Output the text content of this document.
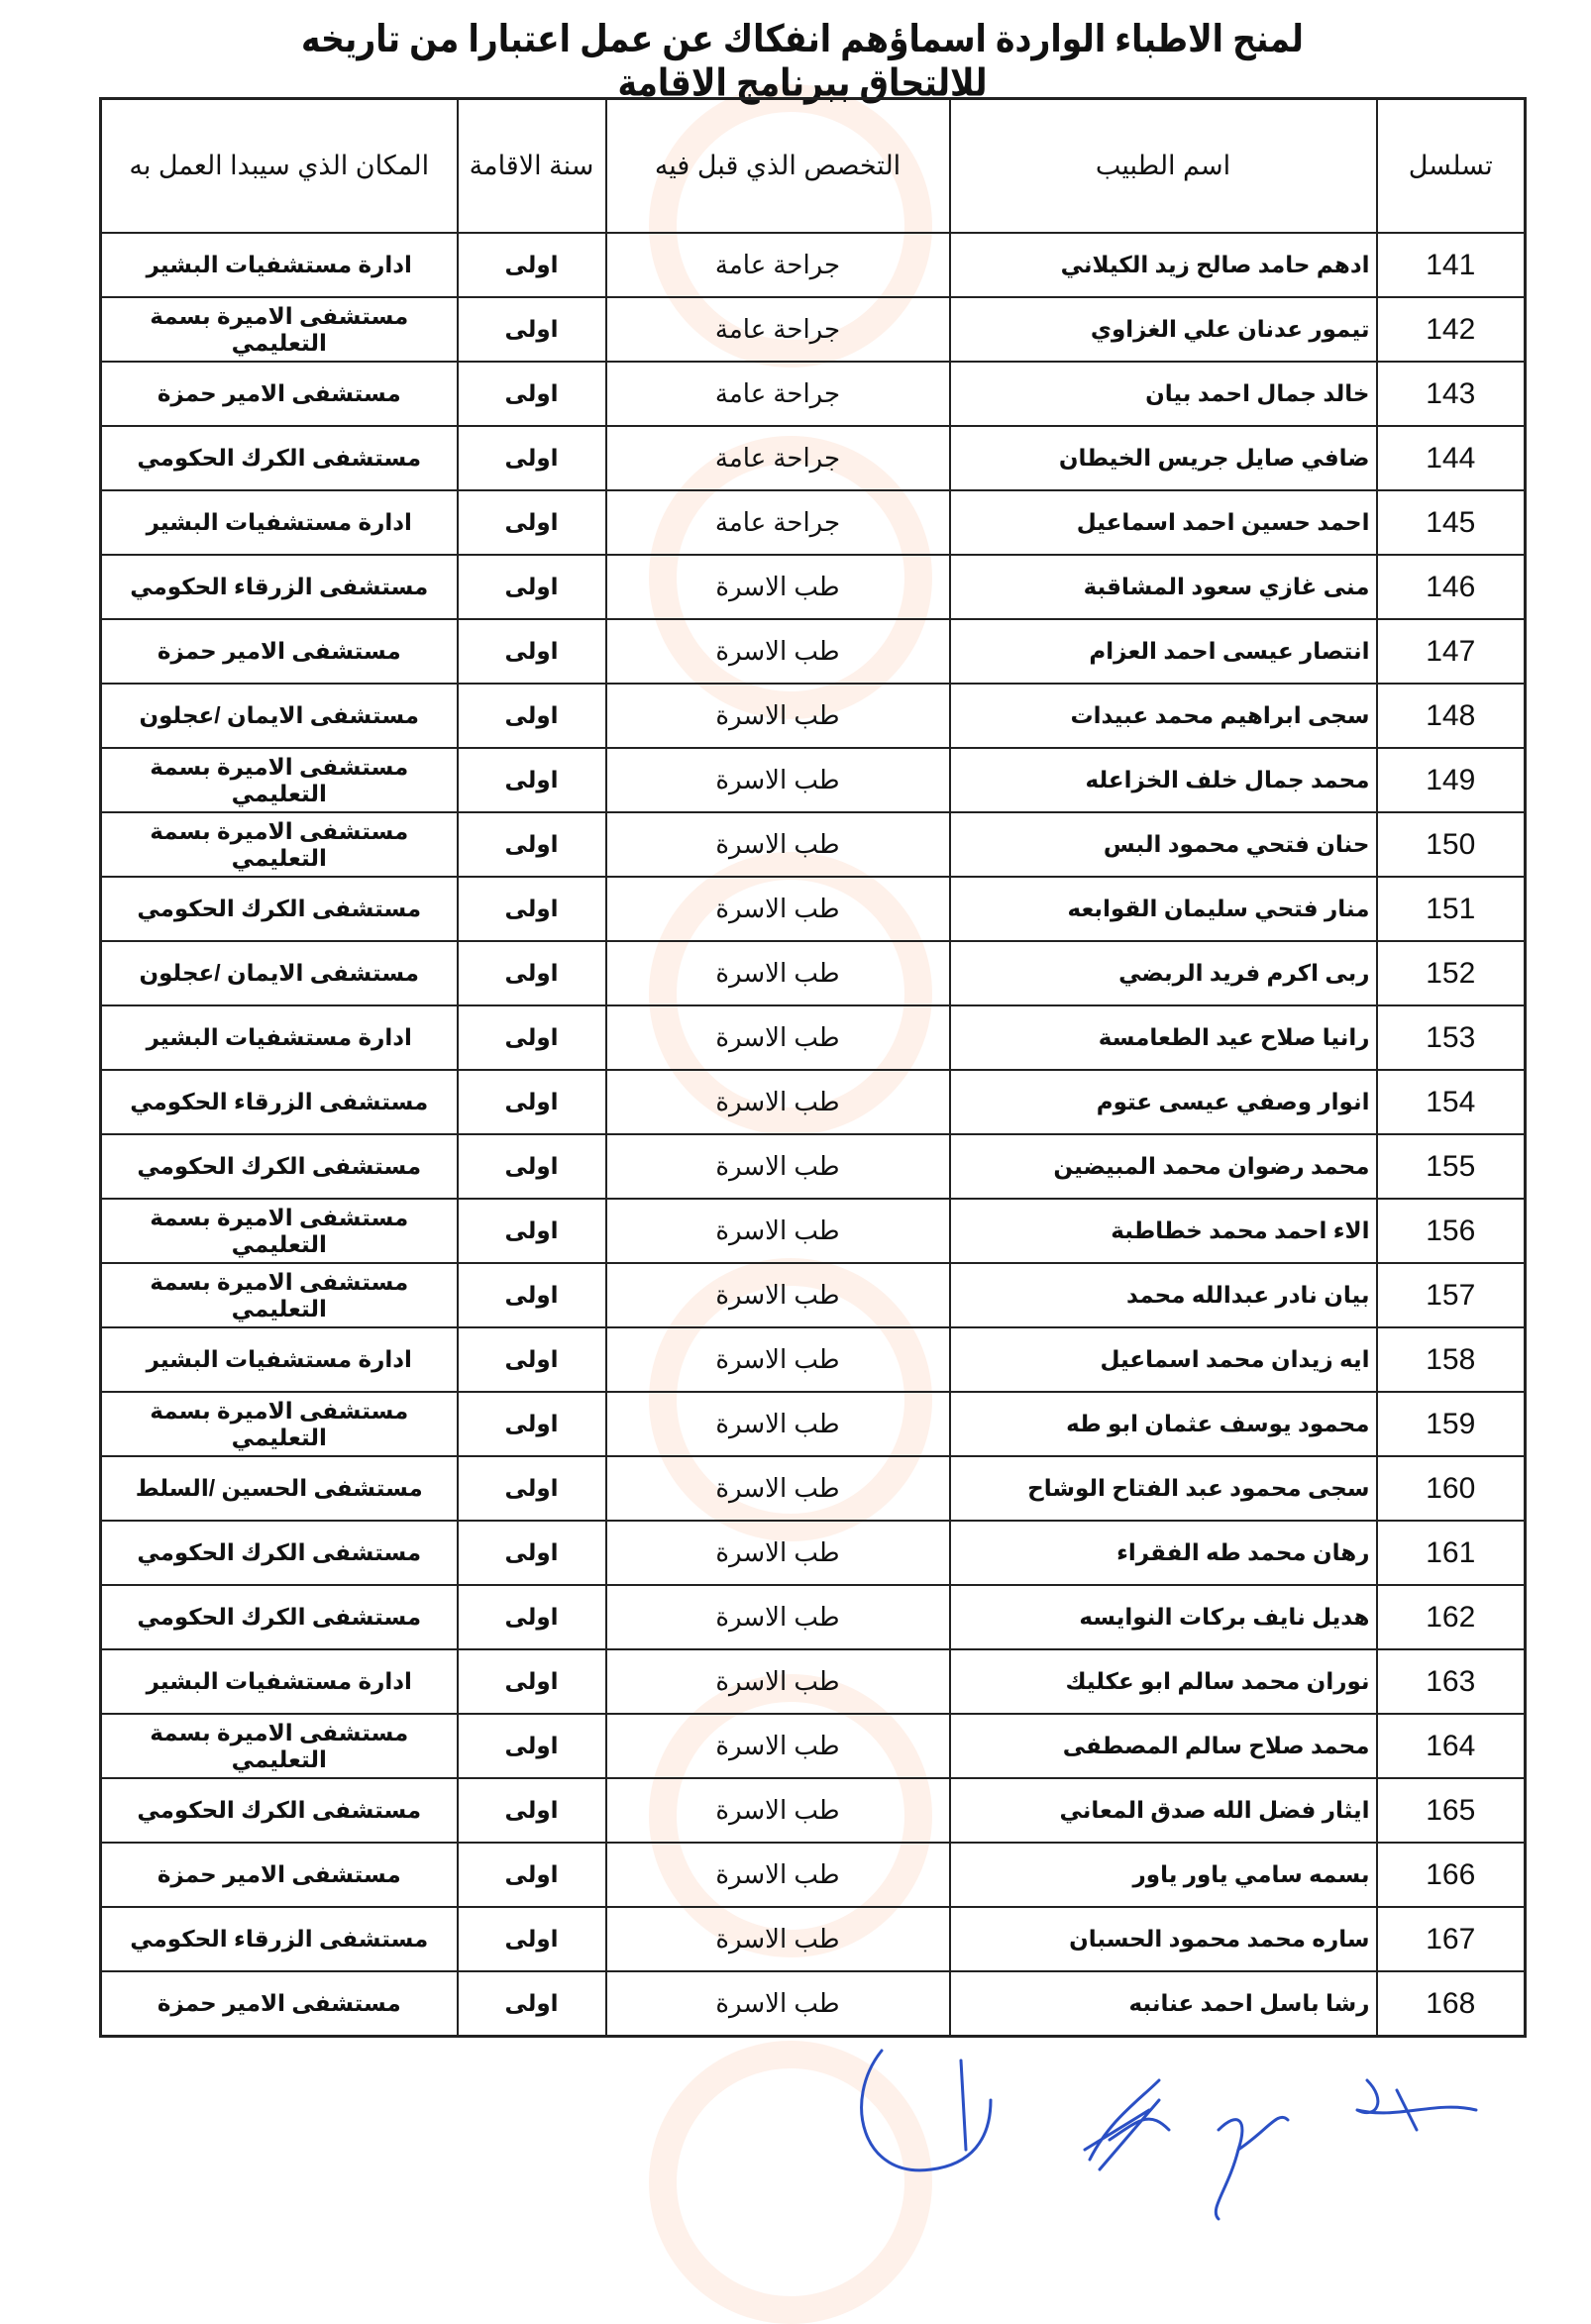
لمنح الاطباء الواردة اسماؤهم انفكاك عن عمل اعتبارا من تاريخه للالتحاق ببرنامج الاقامة
تسلسل	اسم الطبيب	التخصص الذي قبل فيه	سنة الاقامة	المكان الذي سيبدا العمل به
141	ادهم حامد صالح زيد الكيلاني	جراحة عامة	اولى	ادارة مستشفيات البشير
142	تيمور عدنان علي الغزاوي	جراحة عامة	اولى	مستشفى الاميرة بسمة التعليمي
143	خالد جمال احمد بيان	جراحة عامة	اولى	مستشفى الامير حمزة
144	ضافي صايل جريس الخيطان	جراحة عامة	اولى	مستشفى الكرك الحكومي
145	احمد حسين احمد اسماعيل	جراحة عامة	اولى	ادارة مستشفيات البشير
146	منى غازي سعود المشاقبة	طب الاسرة	اولى	مستشفى الزرقاء الحكومي
147	انتصار عيسى احمد العزام	طب الاسرة	اولى	مستشفى الامير حمزة
148	سجى ابراهيم محمد عبيدات	طب الاسرة	اولى	مستشفى الايمان /عجلون
149	محمد جمال خلف الخزاعله	طب الاسرة	اولى	مستشفى الاميرة بسمة التعليمي
150	حنان فتحي محمود البس	طب الاسرة	اولى	مستشفى الاميرة بسمة التعليمي
151	منار فتحي سليمان القوابعه	طب الاسرة	اولى	مستشفى الكرك الحكومي
152	ربى اكرم فريد الربضي	طب الاسرة	اولى	مستشفى الايمان /عجلون
153	رانيا صلاح عيد الطعامسة	طب الاسرة	اولى	ادارة مستشفيات البشير
154	انوار وصفي عيسى عتوم	طب الاسرة	اولى	مستشفى الزرقاء الحكومي
155	محمد رضوان محمد المبيضين	طب الاسرة	اولى	مستشفى الكرك الحكومي
156	الاء احمد محمد خطاطبة	طب الاسرة	اولى	مستشفى الاميرة بسمة التعليمي
157	بيان نادر عبدالله محمد	طب الاسرة	اولى	مستشفى الاميرة بسمة التعليمي
158	ايه زيدان محمد اسماعيل	طب الاسرة	اولى	ادارة مستشفيات البشير
159	محمود يوسف عثمان ابو طه	طب الاسرة	اولى	مستشفى الاميرة بسمة التعليمي
160	سجى محمود عبد الفتاح الوشاح	طب الاسرة	اولى	مستشفى الحسين /السلط
161	رهان محمد طه الفقراء	طب الاسرة	اولى	مستشفى الكرك الحكومي
162	هديل نايف بركات النوايسه	طب الاسرة	اولى	مستشفى الكرك الحكومي
163	نوران محمد سالم ابو عكليك	طب الاسرة	اولى	ادارة مستشفيات البشير
164	محمد صلاح سالم المصطفى	طب الاسرة	اولى	مستشفى الاميرة بسمة التعليمي
165	ايثار فضل الله صدق المعاني	طب الاسرة	اولى	مستشفى الكرك الحكومي
166	بسمه سامي ياور ياور	طب الاسرة	اولى	مستشفى الامير حمزة
167	ساره محمد محمود الحسبان	طب الاسرة	اولى	مستشفى الزرقاء الحكومي
168	رشا باسل احمد عنانبه	طب الاسرة	اولى	مستشفى الامير حمزة
